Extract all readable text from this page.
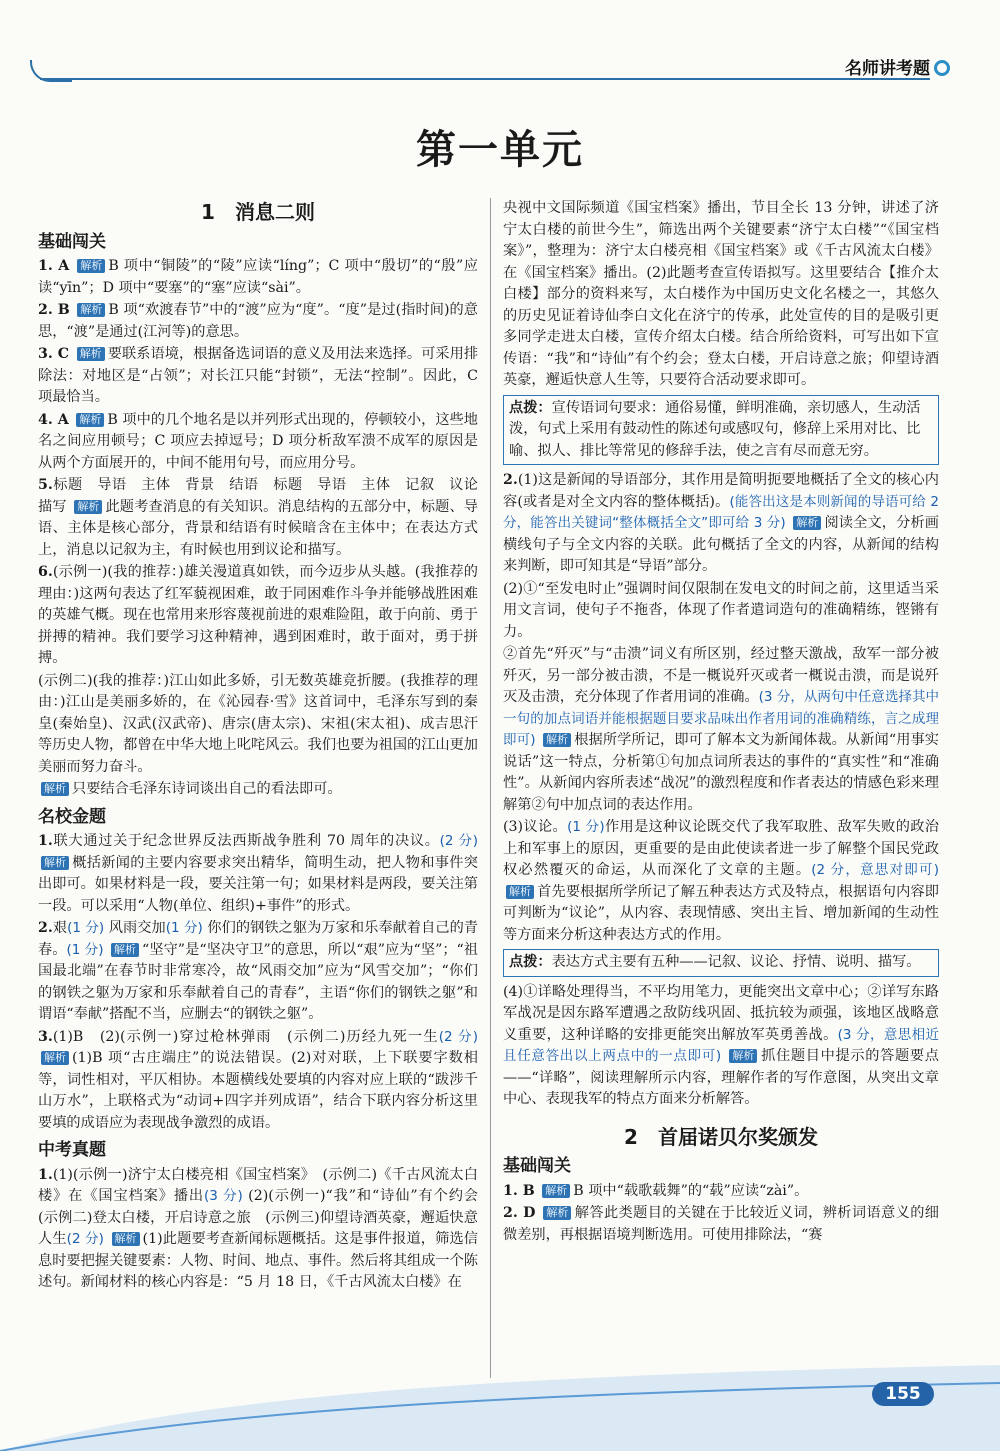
名师讲考题
第一单元
1　消息二则
基础闯关
1. A 解析 B 项中“铜陵”的“陵”应读“líng”；C 项中“殷切”的“殷”应读“yīn”；D 项中“要塞”的“塞”应读“sài”。
2. B 解析 B 项“欢渡春节”中的“渡”应为“度”。“度”是过(指时间)的意思，“渡”是通过(江河等)的意思。
3. C 解析 要联系语境，根据备选词语的意义及用法来选择。可采用排除法：对地区是“占领”；对长江只能“封锁”，无法“控制”。因此，C 项最恰当。
4. A 解析 B 项中的几个地名是以并列形式出现的，停顿较小，这些地名之间应用顿号；C 项应去掉逗号；D 项分析敌军溃不成军的原因是从两个方面展开的，中间不能用句号，而应用分号。
5.标题　导语　主体　背景　结语　标题　导语　主体　记叙　议论　描写 解析 此题考查消息的有关知识。消息结构的五部分中，标题、导语、主体是核心部分，背景和结语有时候暗含在主体中；在表达方式上，消息以记叙为主，有时候也用到议论和描写。
6.(示例一)(我的推荐：)雄关漫道真如铁，而今迈步从头越。(我推荐的理由：)这两句表达了红军藐视困难，敢于同困难作斗争并能够战胜困难的英雄气概。现在也常用来形容蔑视前进的艰难险阻，敢于向前、勇于拼搏的精神。我们要学习这种精神，遇到困难时，敢于面对，勇于拼搏。
(示例二)(我的推荐：)江山如此多娇，引无数英雄竞折腰。(我推荐的理由：)江山是美丽多娇的，在《沁园春·雪》这首词中，毛泽东写到的秦皇(秦始皇)、汉武(汉武帝)、唐宗(唐太宗)、宋祖(宋太祖)、成吉思汗等历史人物，都曾在中华大地上叱咤风云。我们也要为祖国的江山更加美丽而努力奋斗。
解析 只要结合毛泽东诗词谈出自己的看法即可。
名校金题
1.联大通过关于纪念世界反法西斯战争胜利 70 周年的决议。(2 分) 解析 概括新闻的主要内容要求突出精华，简明生动，把人物和事件突出即可。如果材料是一段，要关注第一句；如果材料是两段，要关注第一段。可以采用“人物(单位、组织)+事件”的形式。
2.艰(1 分) 风雨交加(1 分) 你们的钢铁之躯为万家和乐奉献着自己的青春。(1 分) 解析 “坚守”是“坚决守卫”的意思，所以“艰”应为“坚”；“祖国最北端”在春节时非常寒冷，故“风雨交加”应为“风雪交加”；“你们的钢铁之躯为万家和乐奉献着自己的青春”，主语“你们的钢铁之躯”和谓语“奉献”搭配不当，应删去“的钢铁之躯”。
3.(1)B　(2)(示例一)穿过枪林弹雨　(示例二)历经九死一生(2 分) 解析 (1)B 项“古庄端庄”的说法错误。(2)对对联，上下联要字数相等，词性相对，平仄相协。本题横线处要填的内容对应上联的“跋涉千山万水”，上联格式为“动词+四字并列成语”，结合下联内容分析这里要填的成语应为表现战争激烈的成语。
中考真题
1.(1)(示例一)济宁太白楼亮相《国宝档案》　(示例二)《千古风流太白楼》在《国宝档案》播出(3 分) (2)(示例一)“我”和“诗仙”有个约会　(示例二)登太白楼，开启诗意之旅　(示例三)仰望诗酒英豪，邂逅快意人生(2 分) 解析 (1)此题要考查新闻标题概括。这是事件报道，筛选信息时要把握关键要素：人物、时间、地点、事件。然后将其组成一个陈述句。新闻材料的核心内容是：“5 月 18 日，《千古风流太白楼》在
央视中文国际频道《国宝档案》播出，节目全长 13 分钟，讲述了济宁太白楼的前世今生”，筛选出两个关键要素“济宁太白楼”“《国宝档案》”，整理为：济宁太白楼亮相《国宝档案》或《千古风流太白楼》在《国宝档案》播出。(2)此题考查宣传语拟写。这里要结合【推介太白楼】部分的资料来写，太白楼作为中国历史文化名楼之一，其悠久的历史见证着诗仙李白文化在济宁的传承，此处宣传的目的是吸引更多同学走进太白楼，宣传介绍太白楼。结合所给资料，可写出如下宣传语：“我”和“诗仙”有个约会；登太白楼，开启诗意之旅；仰望诗酒英豪，邂逅快意人生等，只要符合活动要求即可。
点拨：宣传语词句要求：通俗易懂，鲜明准确，亲切感人，生动活泼，句式上采用有鼓动性的陈述句或感叹句，修辞上采用对比、比喻、拟人、排比等常见的修辞手法，使之言有尽而意无穷。
2.(1)这是新闻的导语部分，其作用是简明扼要地概括了全文的核心内容(或者是对全文内容的整体概括)。(能答出这是本则新闻的导语可给 2 分，能答出关键词“整体概括全文”即可给 3 分) 解析 阅读全文，分析画横线句子与全文内容的关联。此句概括了全文的内容，从新闻的结构来判断，即可知其是“导语”部分。
(2)①“至发电时止”强调时间仅限制在发电文的时间之前，这里适当采用文言词，使句子不拖沓，体现了作者遣词造句的准确精练，铿锵有力。
②首先“歼灭”与“击溃”词义有所区别，经过整天激战，敌军一部分被歼灭，另一部分被击溃，不是一概说歼灭或者一概说击溃，而是说歼灭及击溃，充分体现了作者用词的准确。(3 分，从两句中任意选择其中一句的加点词语并能根据题目要求品味出作者用词的准确精练，言之成理即可) 解析 根据所学所记，即可了解本文为新闻体裁。从新闻“用事实说话”这一特点，分析第①句加点词所表达的事件的“真实性”和“准确性”。从新闻内容所表述“战况”的激烈程度和作者表达的情感色彩来理解第②句中加点词的表达作用。
(3)议论。(1 分)作用是这种议论既交代了我军取胜、敌军失败的政治上和军事上的原因，更重要的是由此使读者进一步了解整个国民党政权必然覆灭的命运，从而深化了文章的主题。(2 分，意思对即可) 解析 首先要根据所学所记了解五种表达方式及特点，根据语句内容即可判断为“议论”，从内容、表现情感、突出主旨、增加新闻的生动性等方面来分析这种表达方式的作用。
点拨：表达方式主要有五种——记叙、议论、抒情、说明、描写。
(4)①详略处理得当，不平均用笔力，更能突出文章中心；②详写东路军战况是因东路军遭遇之敌防线巩固、抵抗较为顽强，该地区战略意义重要，这种详略的安排更能突出解放军英勇善战。(3 分，意思相近且任意答出以上两点中的一点即可) 解析 抓住题目中提示的答题要点——“详略”，阅读理解所示内容，理解作者的写作意图，从突出文章中心、表现我军的特点方面来分析解答。
2　首届诺贝尔奖颁发
基础闯关
1. B 解析 B 项中“载歌载舞”的“载”应读“zài”。
2. D 解析 解答此类题目的关键在于比较近义词，辨析词语意义的细微差别，再根据语境判断选用。可使用排除法，“赛
155
